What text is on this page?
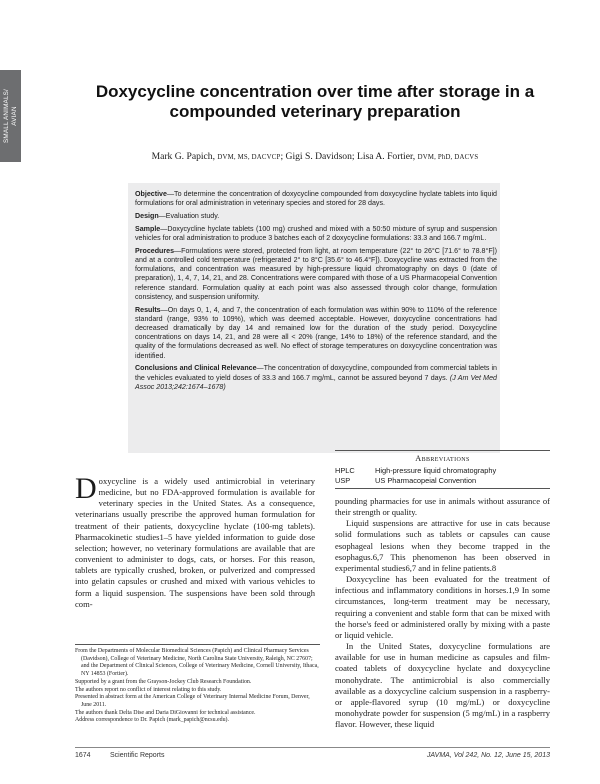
SMALL ANIMALS/
AVIAN
Doxycycline concentration over time after storage in a compounded veterinary preparation
Mark G. Papich, DVM, MS, DACVCP; Gigi S. Davidson; Lisa A. Fortier, DVM, PhD, DACVS

Objective—To determine the concentration of doxycycline compounded from doxycycline hyclate tablets into liquid formulations for oral administration in veterinary species and stored for 28 days.

Design—Evaluation study.

Sample—Doxycycline hyclate tablets (100 mg) crushed and mixed with a 50:50 mixture of syrup and suspension vehicles for oral administration to produce 3 batches each of 2 doxycycline formulations: 33.3 and 166.7 mg/mL.

Procedures—Formulations were stored, protected from light, at room temperature (22° to 26°C [71.6° to 78.8°F]) and at a controlled cold temperature (refrigerated 2° to 8°C [35.6° to 46.4°F]). Doxycycline was extracted from the formulations, and concentration was measured by high-pressure liquid chromatography on days 0 (date of preparation), 1, 4, 7, 14, 21, and 28. Concentrations were compared with those of a US Pharmacopeial Convention reference standard. Formulation quality at each point was also assessed through color change, formulation consistency, and suspension uniformity.

Results—On days 0, 1, 4, and 7, the concentration of each formulation was within 90% to 110% of the reference standard (range, 93% to 109%), which was deemed acceptable. However, doxycycline concentrations had decreased dramatically by day 14 and remained low for the duration of the study period. Doxycycline concentrations on days 14, 21, and 28 were all < 20% (range, 14% to 18%) of the reference standard, and the quality of the formulations decreased as well. No effect of storage temperatures on doxycycline concentration was identified.

Conclusions and Clinical Relevance—The concentration of doxycycline, compounded from commercial tablets in the vehicles evaluated to yield doses of 33.3 and 166.7 mg/mL, cannot be assured beyond 7 days. (J Am Vet Med Assoc 2013;242:1674–1678)

Doxycycline is a widely used antimicrobial in veterinary medicine, but no FDA-approved formulation is available for veterinary species in the United States. As a consequence, veterinarians usually prescribe the approved human formulation for treatment of their patients, doxycycline hyclate (100-mg tablets). Pharmacokinetic studies1–5 have yielded information to guide dose selection; however, no veterinary formulations are available that are convenient to administer to dogs, cats, or horses. For this reason, tablets are typically crushed, broken, or pulverized and compressed into gelatin capsules or crushed and mixed with various vehicles to form a liquid suspension. The suspensions have been sold through com-

From the Departments of Molecular Biomedical Sciences (Papich) and Clinical Pharmacy Services (Davidson), College of Veterinary Medicine, North Carolina State University, Raleigh, NC 27607; and the Department of Clinical Sciences, College of Veterinary Medicine, Cornell University, Ithaca, NY 14853 (Fortier).

Supported by a grant from the Grayson-Jockey Club Research Foundation.

The authors report no conflict of interest relating to this study.

Presented in abstract form at the American College of Veterinary Internal Medicine Forum, Denver, June 2011.

The authors thank Delta Dise and Daria DiGiovanni for technical assistance.

Address correspondence to Dr. Papich (mark_papich@ncsu.edu).

Abbreviations
HPLC	High-pressure liquid chromatography
USP	US Pharmacopeial Convention

pounding pharmacies for use in animals without assurance of their strength or quality.

Liquid suspensions are attractive for use in cats because solid formulations such as tablets or capsules can cause esophageal lesions when they become trapped in the esophagus.6,7 This phenomenon has been observed in experimental studies6,7 and in feline patients.8

Doxycycline has been evaluated for the treatment of infectious and inflammatory conditions in horses.1,9 In some circumstances, long-term treatment may be necessary, requiring a convenient and stable form that can be mixed with the horse's feed or administered orally by mixing with a paste or liquid vehicle.

In the United States, doxycycline formulations are available for use in human medicine as capsules and film-coated tablets of doxycycline hyclate and doxycycline monohydrate. The antimicrobial is also commercially available as a doxycycline calcium suspension in a raspberry- or apple-flavored syrup (10 mg/mL) or doxycycline monohydrate powder for suspension (5 mg/mL) in a raspberry flavor. However, these liquid

1674	Scientific Reports	JAVMA, Vol 242, No. 12, June 15, 2013
